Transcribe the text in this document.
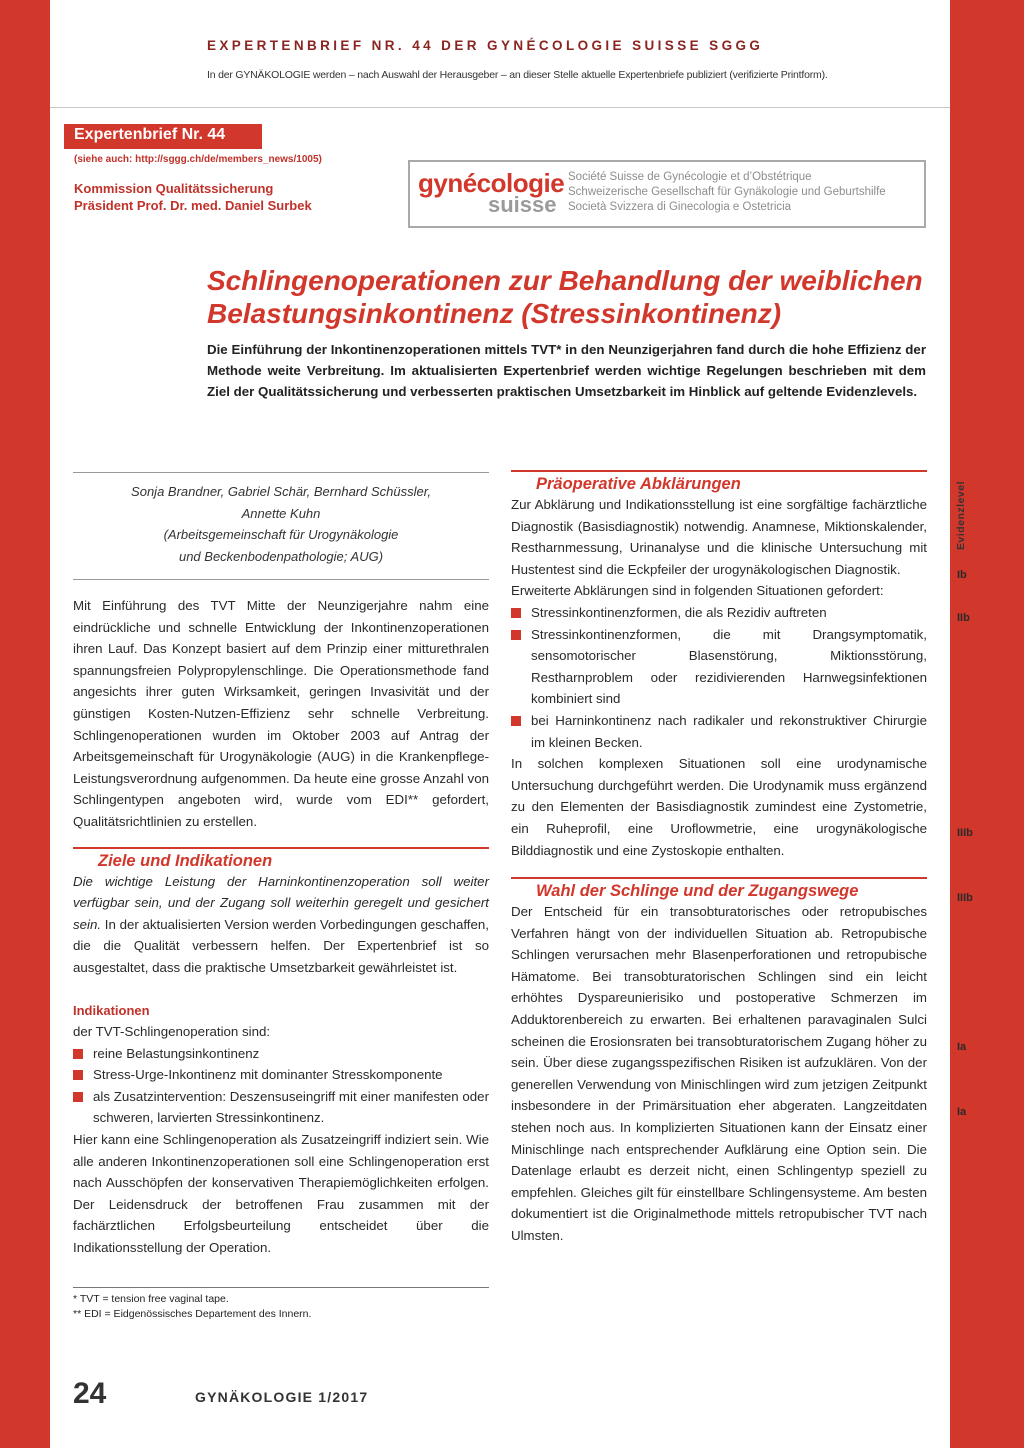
EXPERTENBRIEF NR. 44 DER GYNÉCOLOGIE SUISSE SGGG
In der GYNÄKOLOGIE werden – nach Auswahl der Herausgeber – an dieser Stelle aktuelle Expertenbriefe publiziert (verifizierte Printform).
Expertenbrief Nr. 44
(siehe auch: http://sggg.ch/de/members_news/1005)
Kommission Qualitätssicherung
Präsident Prof. Dr. med. Daniel Surbek
gynécologie
suisse
Société Suisse de Gynécologie et d’Obstétrique
Schweizerische Gesellschaft für Gynäkologie und Geburtshilfe
Società Svizzera di Ginecologia e Ostetricia
Schlingenoperationen zur Behandlung der weiblichen
Belastungsinkontinenz (Stressinkontinenz)
Die Einführung der Inkontinenzoperationen mittels TVT* in den Neunzigerjahren fand durch die hohe Effizienz der Methode weite Verbreitung. Im aktualisierten Expertenbrief werden wichtige Regelungen beschrieben mit dem Ziel der Qualitätssicherung und verbesserten praktischen Umsetzbarkeit im Hinblick auf geltende Evidenzlevels.
Sonja Brandner, Gabriel Schär, Bernhard Schüssler,
Annette Kuhn
(Arbeitsgemeinschaft für Urogynäkologie
und Beckenbodenpathologie; AUG)

Mit Einführung des TVT Mitte der Neunzigerjahre nahm eine eindrückliche und schnelle Entwicklung der Inkontinenzoperationen ihren Lauf. Das Konzept basiert auf dem Prinzip einer mitturethralen spannungsfreien Polypropylenschlinge. Die Operationsmethode fand angesichts ihrer guten Wirksamkeit, geringen Invasivität und der günstigen Kosten-Nutzen-Effizienz sehr schnelle Verbreitung. Schlingenoperationen wurden im Oktober 2003 auf Antrag der Arbeitsgemeinschaft für Urogynäkologie (AUG) in die Krankenpflege-Leistungsverordnung aufgenommen. Da heute eine grosse Anzahl von Schlingentypen angeboten wird, wurde vom EDI** gefordert, Qualitätsrichtlinien zu erstellen.

Ziele und Indikationen

Die wichtige Leistung der Harninkontinenzoperation soll weiter verfügbar sein, und der Zugang soll weiterhin geregelt und gesichert sein. In der aktualisierten Version werden Vorbedingungen geschaffen, die die Qualität verbessern helfen. Der Expertenbrief ist so ausgestaltet, dass die praktische Umsetzbarkeit gewährleistet ist.

Indikationen

der TVT-Schlingenoperation sind:

reine Belastungsinkontinenz
Stress-Urge-Inkontinenz mit dominanter Stresskomponente
als Zusatzintervention: Deszensuseingriff mit einer manifesten oder schweren, larvierten Stressinkontinenz.

Hier kann eine Schlingenoperation als Zusatzeingriff indiziert sein. Wie alle anderen Inkontinenzoperationen soll eine Schlingenoperation erst nach Ausschöpfen der konservativen Therapiemöglichkeiten erfolgen. Der Leidensdruck der betroffenen Frau zusammen mit der fachärztlichen Erfolgsbeurteilung entscheidet über die Indikationsstellung der Operation.

* TVT = tension free vaginal tape.
** EDI = Eidgenössisches Departement des Innern.
Präoperative Abklärungen

Zur Abklärung und Indikationsstellung ist eine sorgfältige fachärztliche Diagnostik (Basisdiagnostik) notwendig. Anamnese, Miktionskalender, Restharnmessung, Urinanalyse und die klinische Untersuchung mit Hustentest sind die Eckpfeiler der urogynäkologischen Diagnostik.

Erweiterte Abklärungen sind in folgenden Situationen gefordert:

Stressinkontinenzformen, die als Rezidiv auftreten
Stressinkontinenzformen, die mit Drangsymptomatik, sensomotorischer Blasenstörung, Miktionsstörung, Restharnproblem oder rezidivierenden Harnwegsinfektionen kombiniert sind
bei Harninkontinenz nach radikaler und rekonstruktiver Chirurgie im kleinen Becken.

In solchen komplexen Situationen soll eine urodynamische Untersuchung durchgeführt werden. Die Urodynamik muss ergänzend zu den Elementen der Basisdiagnostik zumindest eine Zystometrie, ein Ruheprofil, eine Uroflowmetrie, eine urogynäkologische Bilddiagnostik und eine Zystoskopie enthalten.

Wahl der Schlinge und der Zugangswege

Der Entscheid für ein transobturatorisches oder retropubisches Verfahren hängt von der individuellen Situation ab. Retropubische Schlingen verursachen mehr Blasenperforationen und retropubische Hämatome. Bei transobturatorischen Schlingen sind ein leicht erhöhtes Dyspareunierisiko und postoperative Schmerzen im Adduktorenbereich zu erwarten. Bei erhaltenen paravaginalen Sulci scheinen die Erosionsraten bei transobturatorischem Zugang höher zu sein. Über diese zugangsspezifischen Risiken ist aufzuklären. Von der generellen Verwendung von Minischlingen wird zum jetzigen Zeitpunkt insbesondere in der Primärsituation eher abgeraten. Langzeitdaten stehen noch aus. In komplizierten Situationen kann der Einsatz einer Minischlinge nach entsprechender Aufklärung eine Option sein. Die Datenlage erlaubt es derzeit nicht, einen Schlingentyp speziell zu empfehlen. Gleiches gilt für einstellbare Schlingensysteme. Am besten dokumentiert ist die Originalmethode mittels retropubischer TVT nach Ulmsten.

Evidenzlevel
Ib
IIb
IIIb
IIIb
Ia
Ia
24	GYNÄKOLOGIE 1/2017
